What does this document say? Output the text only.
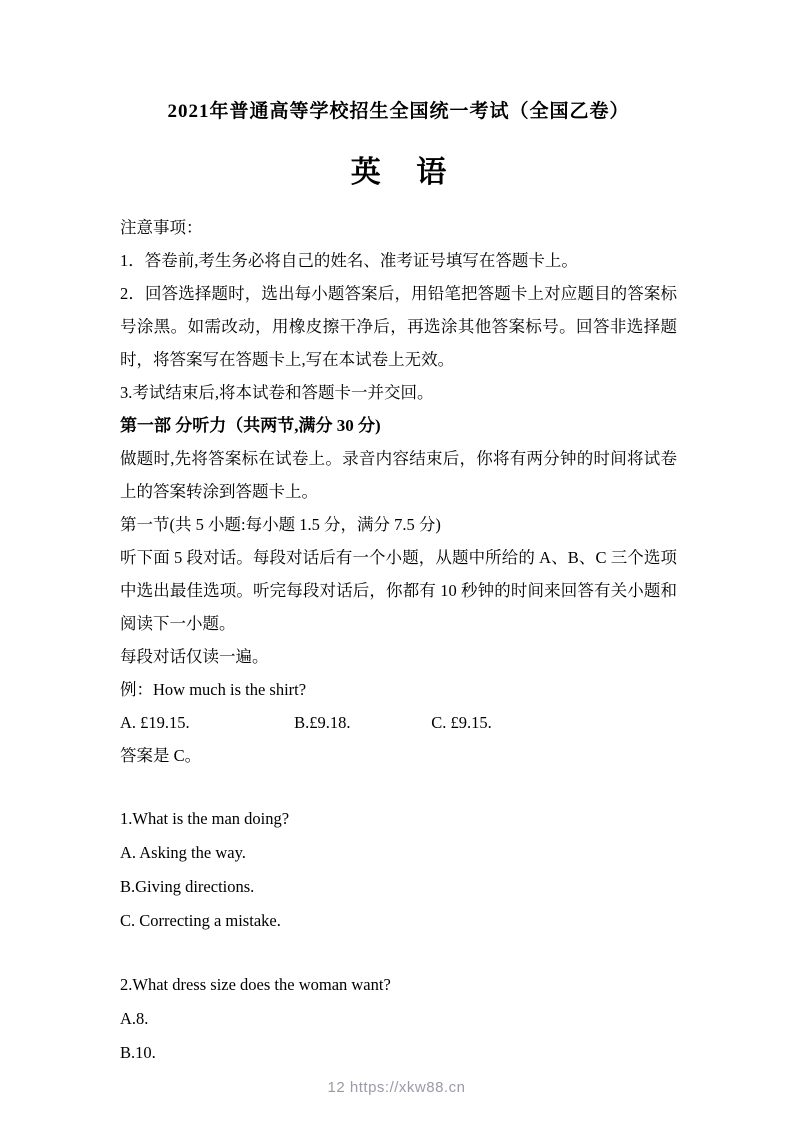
2021年普通高等学校招生全国统一考试（全国乙卷）
英 语

注意事项：

1．答卷前,考生务必将自己的姓名、准考证号填写在答题卡上。

2．回答选择题时，选出每小题答案后，用铅笔把答题卡上对应题目的答案标号涂黑。如需改动，用橡皮擦干净后，再选涂其他答案标号。回答非选择题时，将答案写在答题卡上,写在本试卷上无效。

3.考试结束后,将本试卷和答题卡一并交回。

第一部 分听力（共两节,满分 30 分)

做题时,先将答案标在试卷上。录音内容结束后，你将有两分钟的时间将试卷上的答案转涂到答题卡上。

第一节(共 5 小题:每小题 1.5 分，满分 7.5 分)

听下面 5 段对话。每段对话后有一个小题，从题中所给的 A、B、C 三个选项中选出最佳选项。听完每段对话后，你都有 10 秒钟的时间来回答有关小题和阅读下一小题。

每段对话仅读一遍。

例：How much is the shirt?

A. £19.15.	B.£9.18.	C. £9.15.

答案是 C。

1.What is the man doing?

A. Asking the way.

B.Giving directions.

C. Correcting a mistake.

2.What dress size does the woman want?

A.8.

B.10.

12 https://xkw88.cn
